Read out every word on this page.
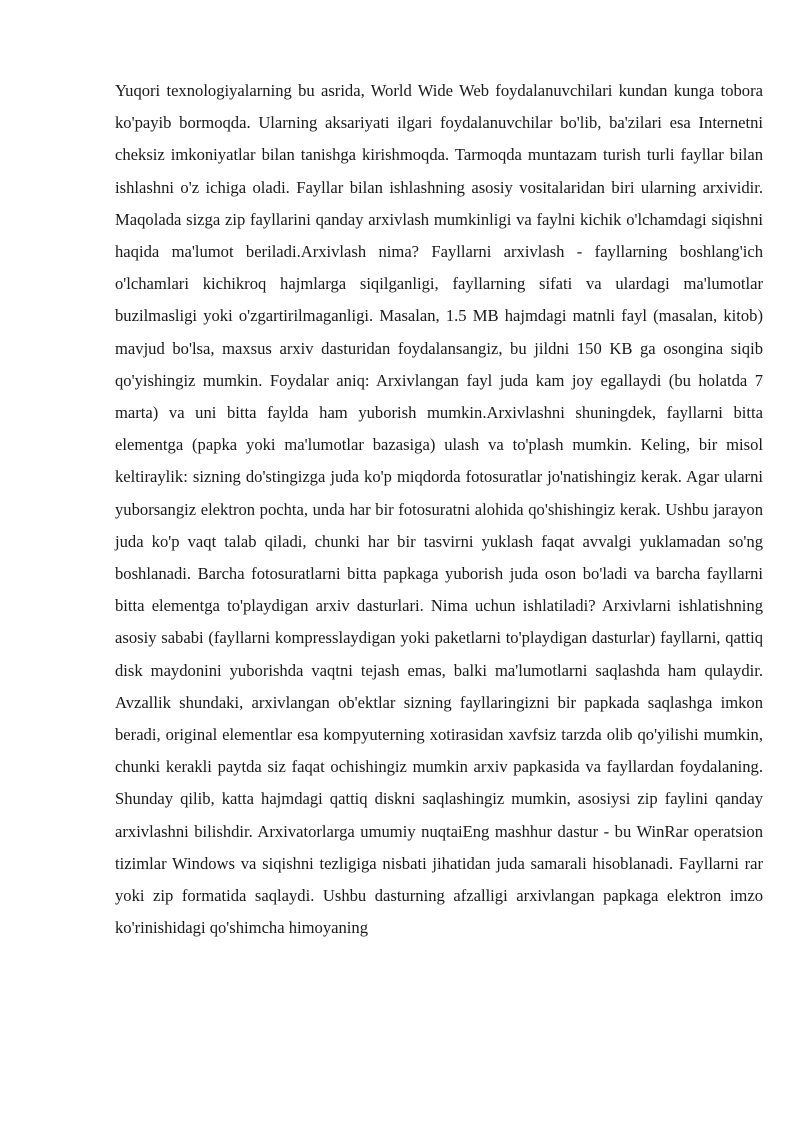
Yuqori texnologiyalarning bu asrida, World Wide Web foydalanuvchilari kundan kunga tobora ko'payib bormoqda. Ularning aksariyati ilgari foydalanuvchilar bo'lib, ba'zilari esa Internetni cheksiz imkoniyatlar bilan tanishga kirishmoqda. Tarmoqda muntazam turish turli fayllar bilan ishlashni o'z ichiga oladi. Fayllar bilan ishlashning asosiy vositalaridan biri ularning arxividir. Maqolada sizga zip fayllarini qanday arxivlash mumkinligi va faylni kichik o'lchamdagi siqishni haqida ma'lumot beriladi.Arxivlash nima? Fayllarni arxivlash - fayllarning boshlang'ich o'lchamlari kichikroq hajmlarga siqilganligi, fayllarning sifati va ulardagi ma'lumotlar buzilmasligi yoki o'zgartirilmaganligi. Masalan, 1.5 MB hajmdagi matnli fayl (masalan, kitob) mavjud bo'lsa, maxsus arxiv dasturidan foydalansangiz, bu jildni 150 KB ga osongina siqib qo'yishingiz mumkin. Foydalar aniq: Arxivlangan fayl juda kam joy egallaydi (bu holatda 7 marta) va uni bitta faylda ham yuborish mumkin.Arxivlashni shuningdek, fayllarni bitta elementga (papka yoki ma'lumotlar bazasiga) ulash va to'plash mumkin. Keling, bir misol keltiraylik: sizning do'stingizga juda ko'p miqdorda fotosuratlar jo'natishingiz kerak. Agar ularni yuborsangiz elektron pochta, unda har bir fotosuratni alohida qo'shishingiz kerak. Ushbu jarayon juda ko'p vaqt talab qiladi, chunki har bir tasvirni yuklash faqat avvalgi yuklamadan so'ng boshlanadi. Barcha fotosuratlarni bitta papkaga yuborish juda oson bo'ladi va barcha fayllarni bitta elementga to'playdigan arxiv dasturlari. Nima uchun ishlatiladi? Arxivlarni ishlatishning asosiy sababi (fayllarni kompresslaydigan yoki paketlarni to'playdigan dasturlar) fayllarni, qattiq disk maydonini yuborishda vaqtni tejash emas, balki ma'lumotlarni saqlashda ham qulaydir. Avzallik shundaki, arxivlangan ob'ektlar sizning fayllaringizni bir papkada saqlashga imkon beradi, original elementlar esa kompyuterning xotirasidan xavfsiz tarzda olib qo'yilishi mumkin, chunki kerakli paytda siz faqat ochishingiz mumkin arxiv papkasida va fayllardan foydalaning. Shunday qilib, katta hajmdagi qattiq diskni saqlashingiz mumkin, asosiysi zip faylini qanday arxivlashni bilishdir. Arxivatorlarga umumiy nuqtaiEng mashhur dastur - bu WinRar operatsion tizimlar Windows va siqishni tezligiga nisbati jihatidan juda samarali hisoblanadi. Fayllarni rar yoki zip formatida saqlaydi. Ushbu dasturning afzalligi arxivlangan papkaga elektron imzo ko'rinishidagi qo'shimcha himoyaning
